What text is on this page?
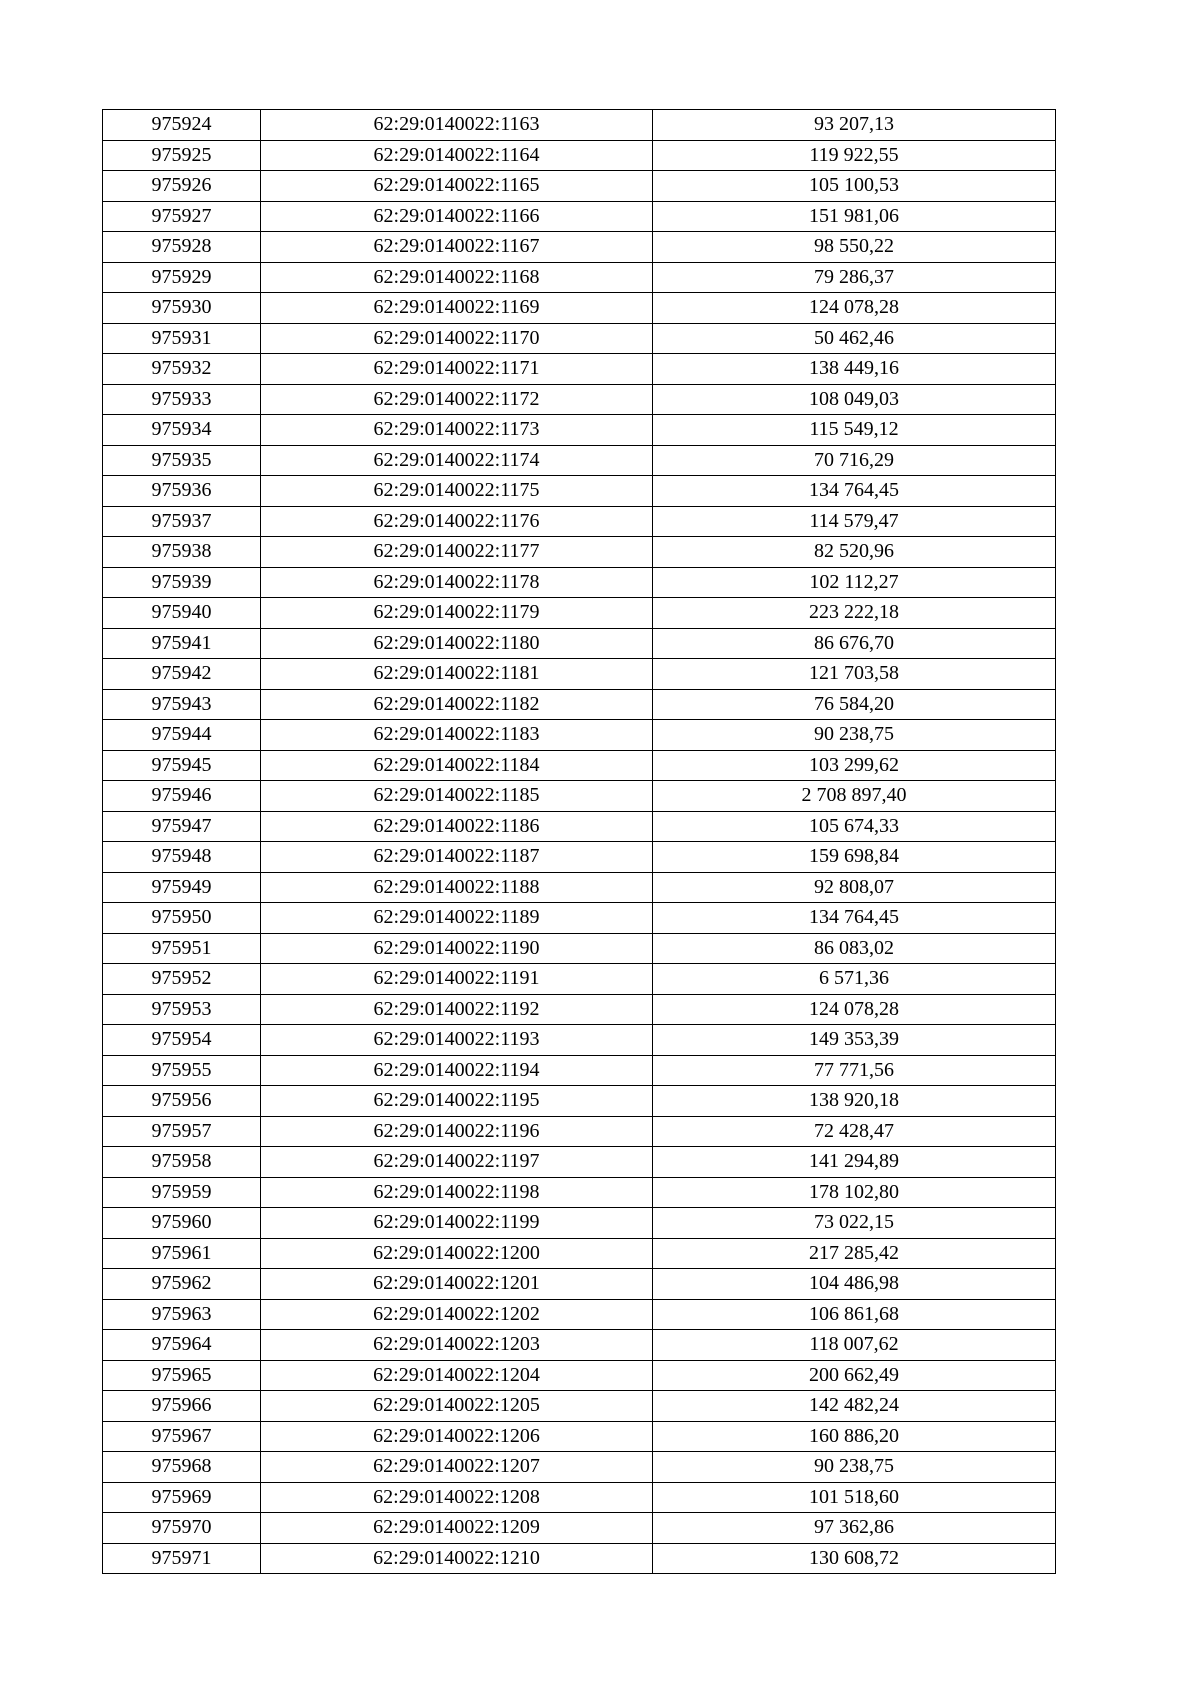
975924	62:29:0140022:1163	93 207,13
975925	62:29:0140022:1164	119 922,55
975926	62:29:0140022:1165	105 100,53
975927	62:29:0140022:1166	151 981,06
975928	62:29:0140022:1167	98 550,22
975929	62:29:0140022:1168	79 286,37
975930	62:29:0140022:1169	124 078,28
975931	62:29:0140022:1170	50 462,46
975932	62:29:0140022:1171	138 449,16
975933	62:29:0140022:1172	108 049,03
975934	62:29:0140022:1173	115 549,12
975935	62:29:0140022:1174	70 716,29
975936	62:29:0140022:1175	134 764,45
975937	62:29:0140022:1176	114 579,47
975938	62:29:0140022:1177	82 520,96
975939	62:29:0140022:1178	102 112,27
975940	62:29:0140022:1179	223 222,18
975941	62:29:0140022:1180	86 676,70
975942	62:29:0140022:1181	121 703,58
975943	62:29:0140022:1182	76 584,20
975944	62:29:0140022:1183	90 238,75
975945	62:29:0140022:1184	103 299,62
975946	62:29:0140022:1185	2 708 897,40
975947	62:29:0140022:1186	105 674,33
975948	62:29:0140022:1187	159 698,84
975949	62:29:0140022:1188	92 808,07
975950	62:29:0140022:1189	134 764,45
975951	62:29:0140022:1190	86 083,02
975952	62:29:0140022:1191	6 571,36
975953	62:29:0140022:1192	124 078,28
975954	62:29:0140022:1193	149 353,39
975955	62:29:0140022:1194	77 771,56
975956	62:29:0140022:1195	138 920,18
975957	62:29:0140022:1196	72 428,47
975958	62:29:0140022:1197	141 294,89
975959	62:29:0140022:1198	178 102,80
975960	62:29:0140022:1199	73 022,15
975961	62:29:0140022:1200	217 285,42
975962	62:29:0140022:1201	104 486,98
975963	62:29:0140022:1202	106 861,68
975964	62:29:0140022:1203	118 007,62
975965	62:29:0140022:1204	200 662,49
975966	62:29:0140022:1205	142 482,24
975967	62:29:0140022:1206	160 886,20
975968	62:29:0140022:1207	90 238,75
975969	62:29:0140022:1208	101 518,60
975970	62:29:0140022:1209	97 362,86
975971	62:29:0140022:1210	130 608,72
